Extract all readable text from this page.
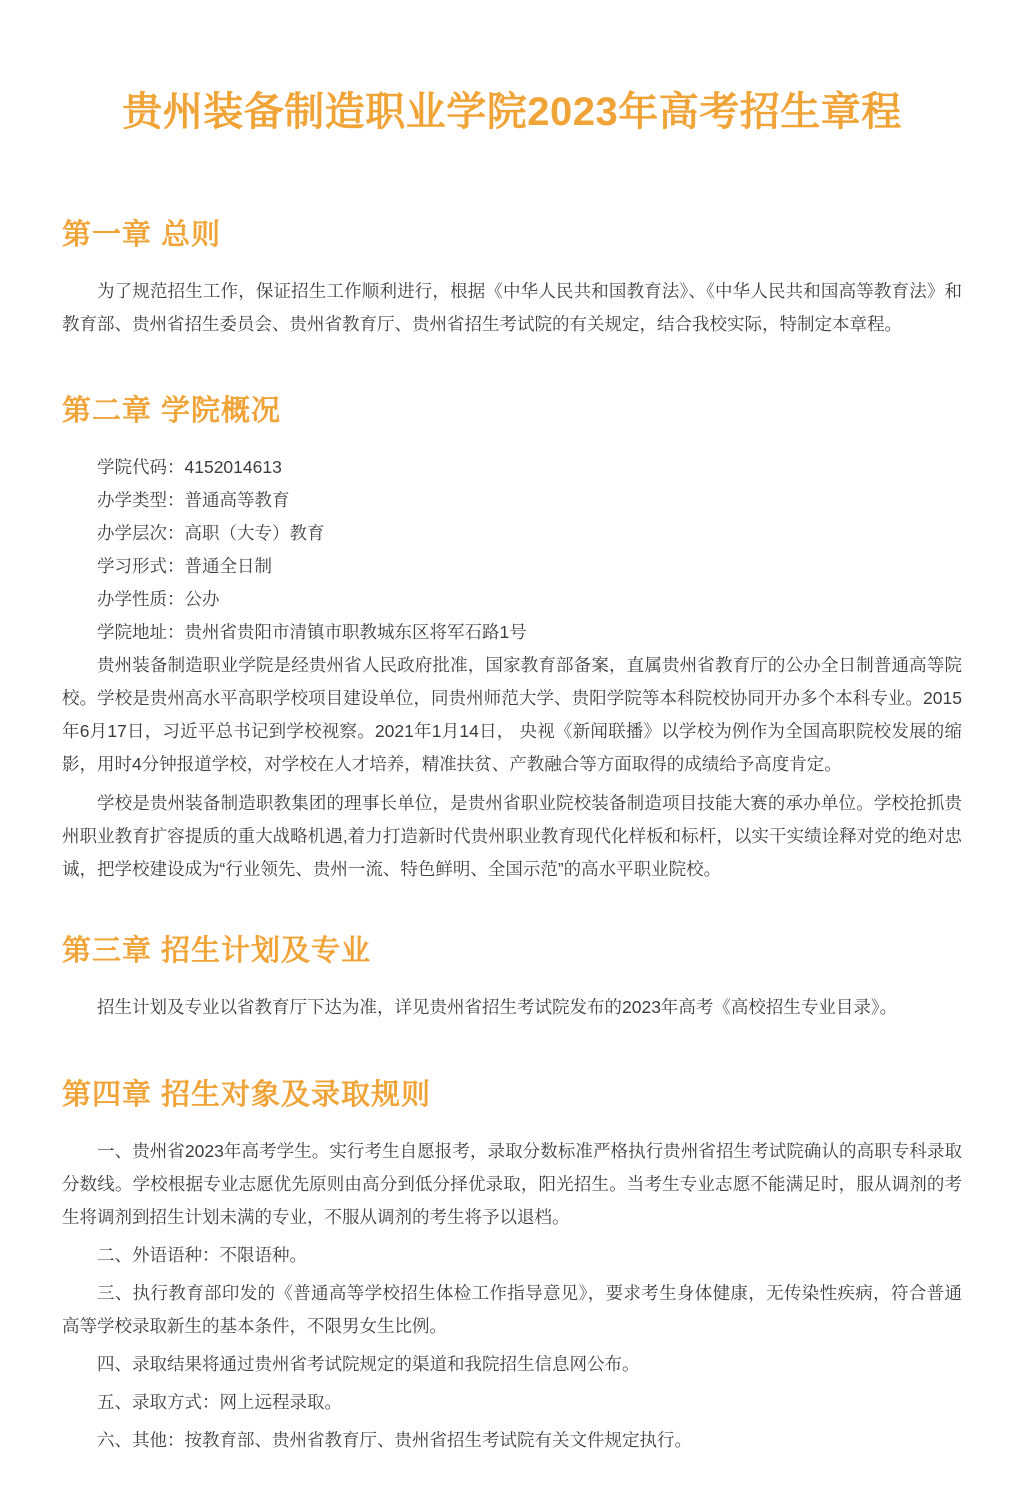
贵州装备制造职业学院2023年高考招生章程
第一章 总则

为了规范招生工作，保证招生工作顺利进行，根据《中华人民共和国教育法》、《中华人民共和国高等教育法》和教育部、贵州省招生委员会、贵州省教育厅、贵州省招生考试院的有关规定，结合我校实际，特制定本章程。

第二章 学院概况

学院代码：4152014613

办学类型：普通高等教育

办学层次：高职（大专）教育

学习形式：普通全日制

办学性质：公办

学院地址：贵州省贵阳市清镇市职教城东区将军石路1号

贵州装备制造职业学院是经贵州省人民政府批准，国家教育部备案，直属贵州省教育厅的公办全日制普通高等院校。学校是贵州高水平高职学校项目建设单位，同贵州师范大学、贵阳学院等本科院校协同开办多个本科专业。2015年6月17日，习近平总书记到学校视察。2021年1月14日， 央视《新闻联播》以学校为例作为全国高职院校发展的缩影，用时4分钟报道学校，对学校在人才培养，精准扶贫、产教融合等方面取得的成绩给予高度肯定。

学校是贵州装备制造职教集团的理事长单位，是贵州省职业院校装备制造项目技能大赛的承办单位。学校抢抓贵州职业教育扩容提质的重大战略机遇,着力打造新时代贵州职业教育现代化样板和标杆，以实干实绩诠释对党的绝对忠诚，把学校建设成为“行业领先、贵州一流、特色鲜明、全国示范”的高水平职业院校。

第三章 招生计划及专业

招生计划及专业以省教育厅下达为准，详见贵州省招生考试院发布的2023年高考《高校招生专业目录》。

第四章 招生对象及录取规则

一、贵州省2023年高考学生。实行考生自愿报考，录取分数标准严格执行贵州省招生考试院确认的高职专科录取分数线。学校根据专业志愿优先原则由高分到低分择优录取，阳光招生。当考生专业志愿不能满足时，服从调剂的考生将调剂到招生计划未满的专业，不服从调剂的考生将予以退档。

二、外语语种：不限语种。

三、执行教育部印发的《普通高等学校招生体检工作指导意见》，要求考生身体健康，无传染性疾病，符合普通高等学校录取新生的基本条件，不限男女生比例。

四、录取结果将通过贵州省考试院规定的渠道和我院招生信息网公布。

五、录取方式：网上远程录取。

六、其他：按教育部、贵州省教育厅、贵州省招生考试院有关文件规定执行。
